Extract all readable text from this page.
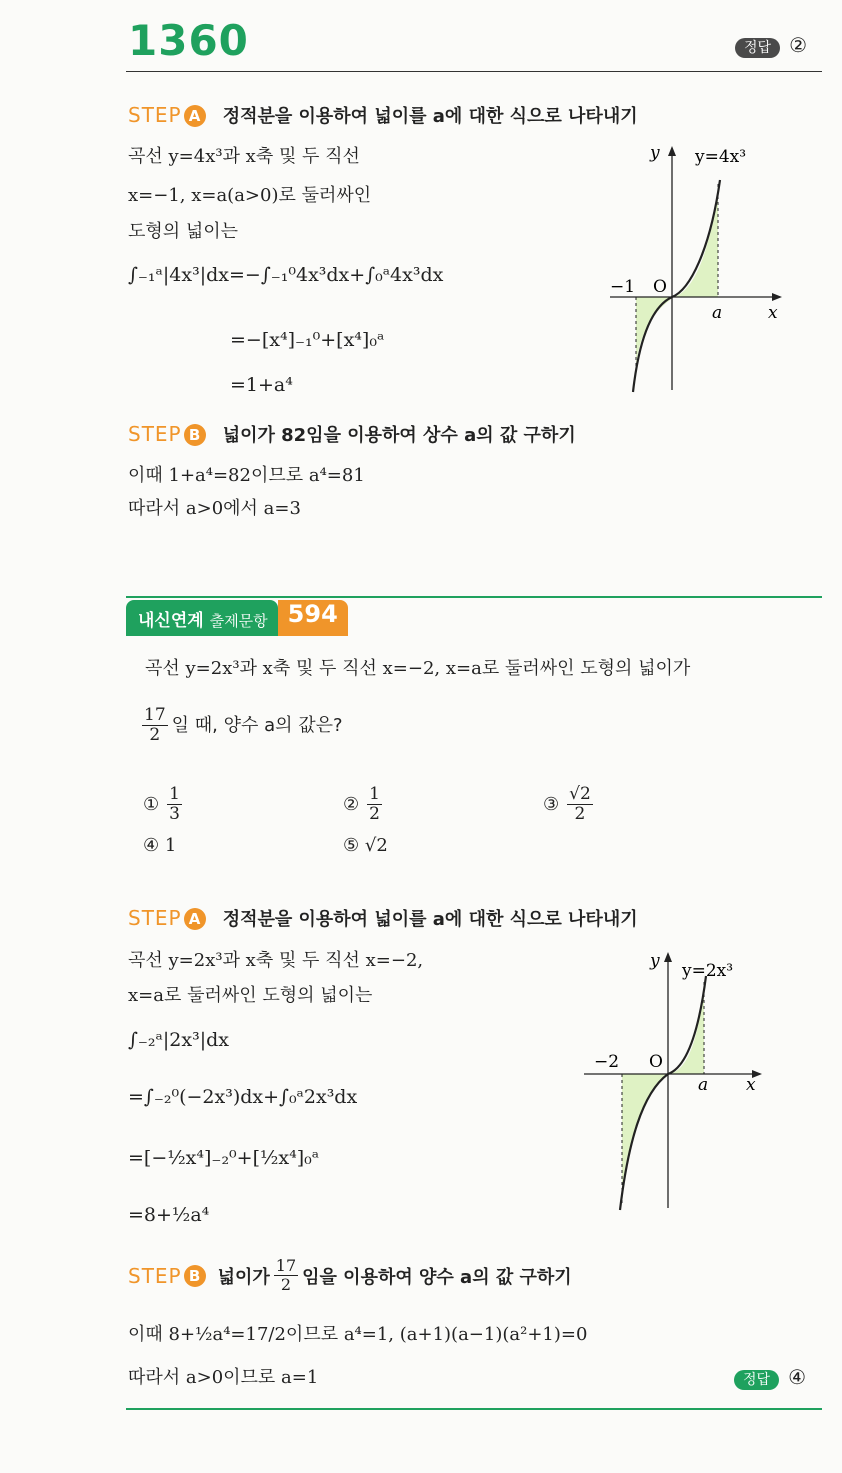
1360	정답 ②
STEP A 정적분을 이용하여 넓이를 a에 대한 식으로 나타내기
곡선 y=4x³과 x축 및 두 직선
x=−1, x=a(a>0)로 둘러싸인
도형의 넓이는
∫₋₁ᵃ|4x³|dx=−∫₋₁⁰4x³dx+∫₀ᵃ4x³dx
=−[x⁴]₋₁⁰+[x⁴]₀ᵃ
=1+a⁴
y y=4x³
−1 O
a	x
STEP B 넓이가 82임을 이용하여 상수 a의 값 구하기
이때 1+a⁴=82이므로 a⁴=81
따라서 a>0에서 a=3
내신연계 출제문항 594
곡선 y=2x³과 x축 및 두 직선 x=−2, x=a로 둘러싸인 도형의 넓이가
$\frac{17}{2}$ 일 때, 양수 a의 값은?
① $\frac{1}{3}$	② $\frac{1}{2}$	③ $\frac{√2}{2}$
④ 1	⑤ √2
STEP A 정적분을 이용하여 넓이를 a에 대한 식으로 나타내기
곡선 y=2x³과 x축 및 두 직선 x=−2,
x=a로 둘러싸인 도형의 넓이는
∫₋₂ᵃ|2x³|dx
=∫₋₂⁰(−2x³)dx+∫₀ᵃ2x³dx
=[−½x⁴]₋₂⁰+[½x⁴]₀ᵃ
=8+½a⁴
y y=2x³
−2 O
a x
STEP B 넓이가 $\frac{17}{2}$ 임을 이용하여 양수 a의 값 구하기
이때 8+½a⁴=17/2이므로 a⁴=1, (a+1)(a−1)(a²+1)=0
따라서 a>0이므로 a=1	정답 ④
